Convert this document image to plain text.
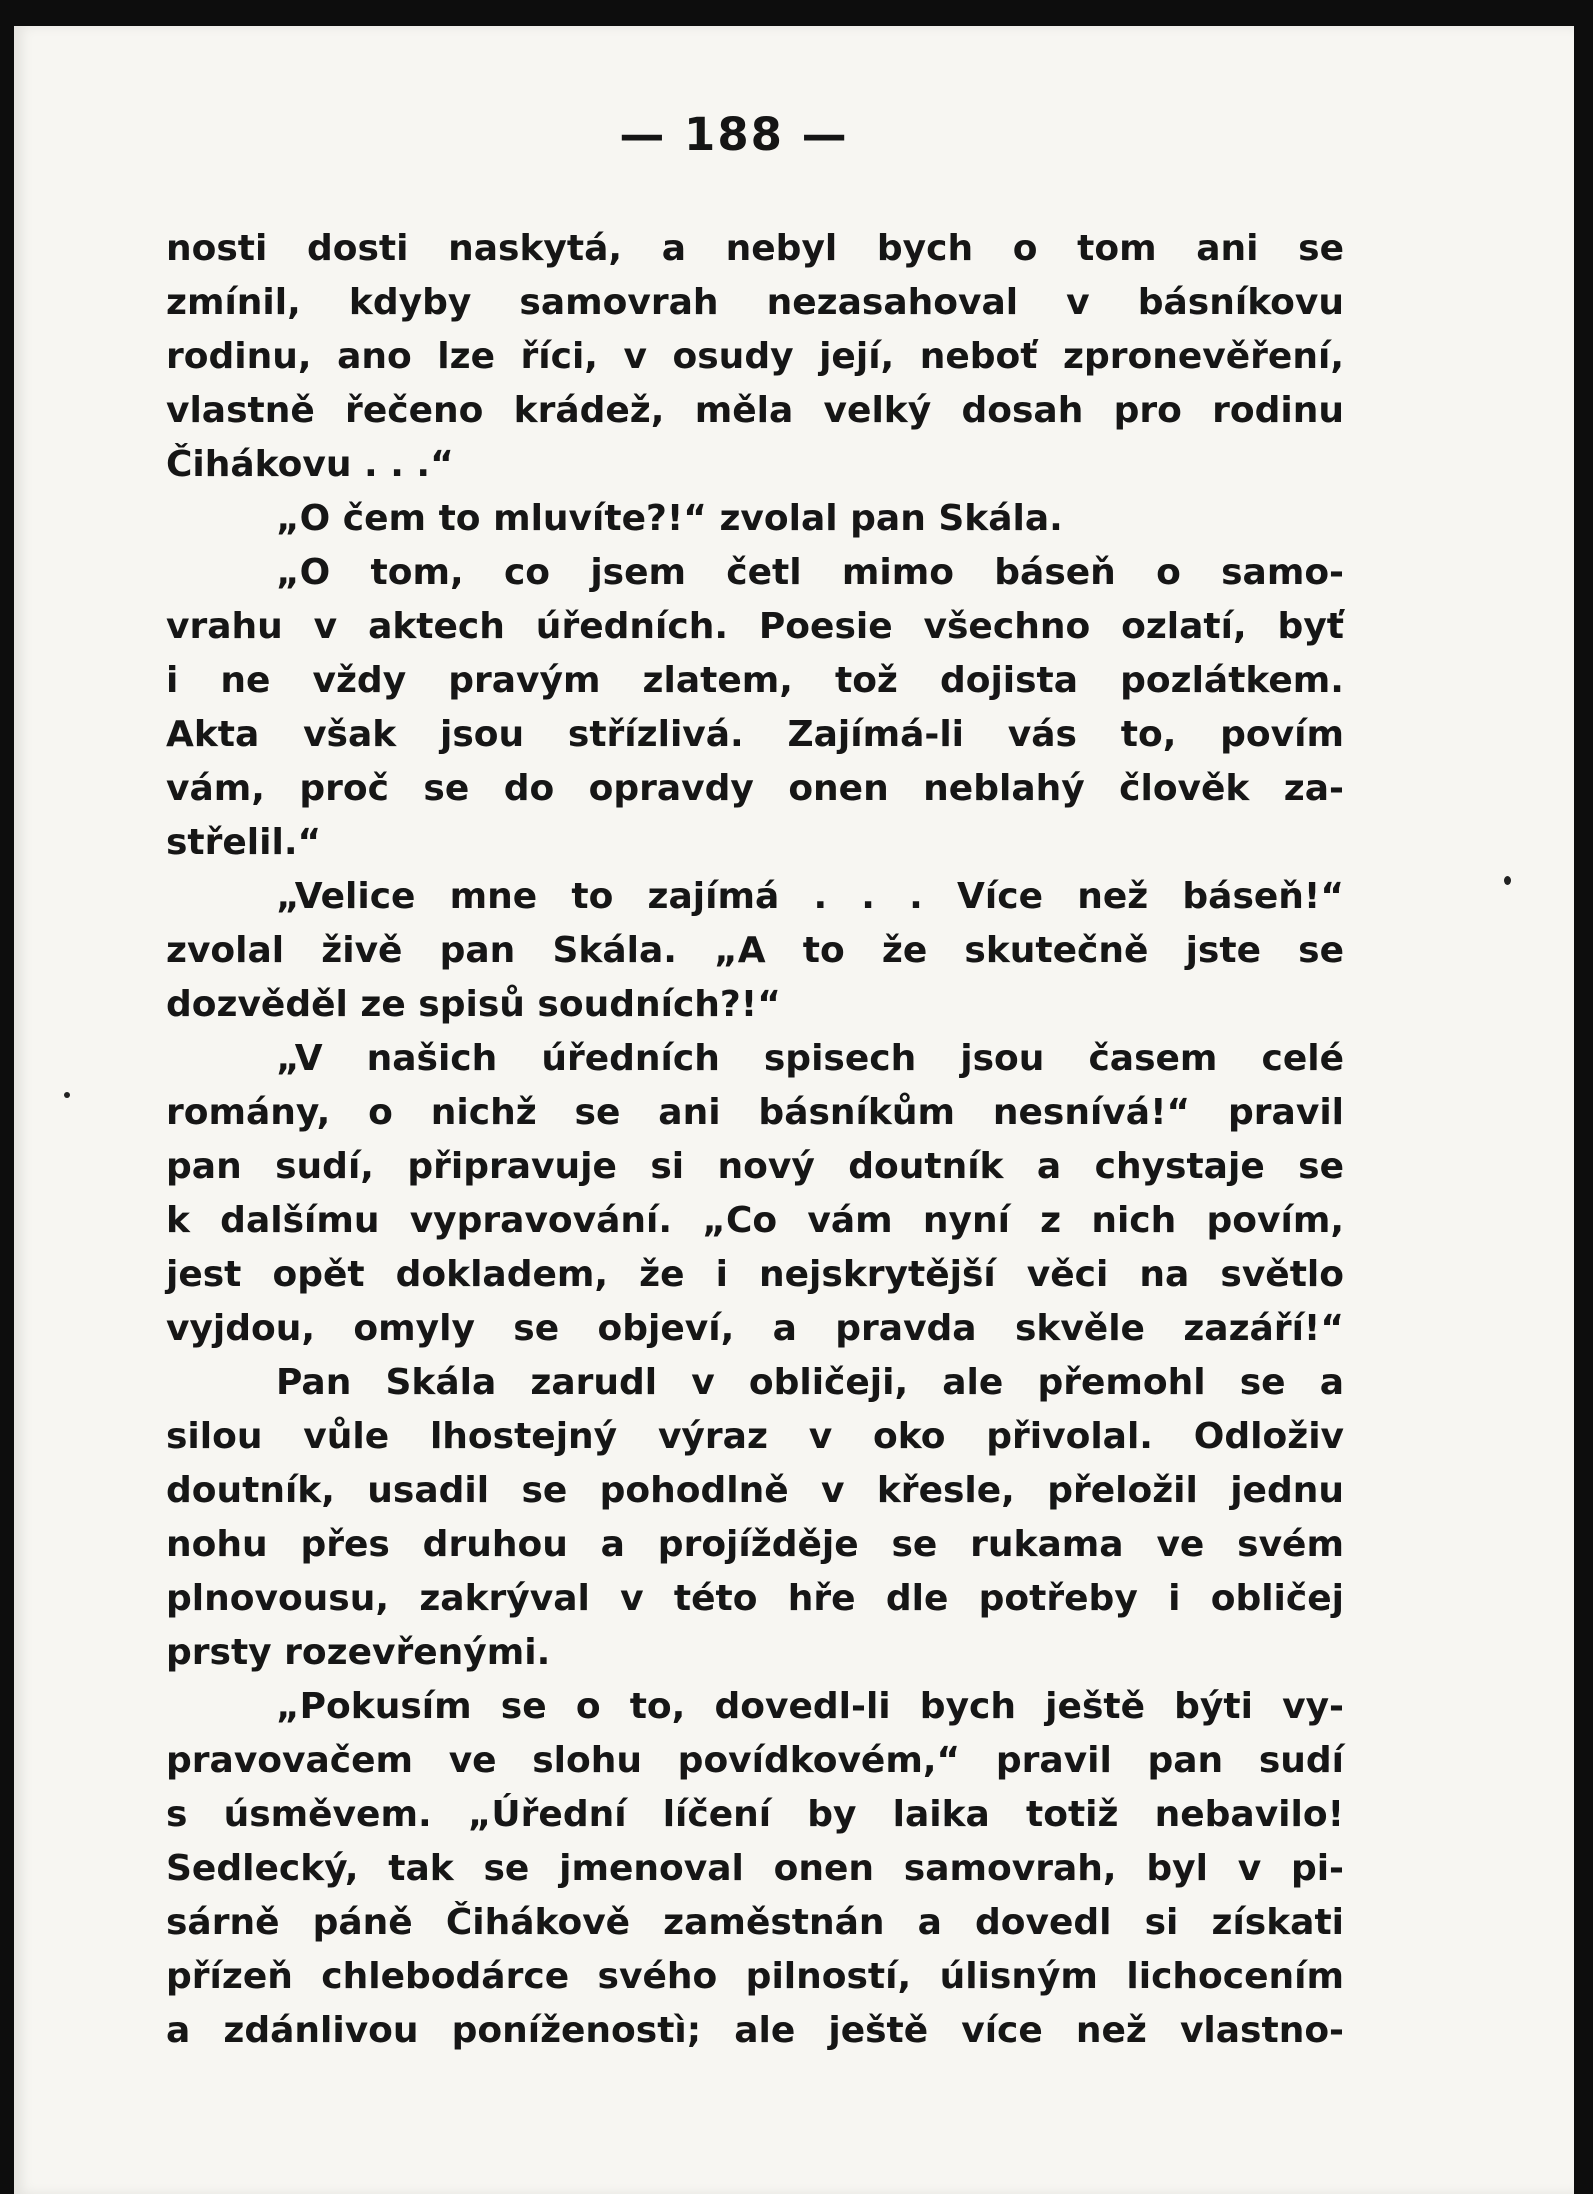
— 188 —
nosti dosti naskytá, a nebyl bych o tom ani se
zmínil, kdyby samovrah nezasahoval v básníkovu
rodinu, ano lze říci, v osudy její, neboť zpronevěření,
vlastně řečeno krádež, měla velký dosah pro rodinu
Čihákovu . . .“
„O čem to mluvíte?!“ zvolal pan Skála.
„O tom, co jsem četl mimo báseň o samo-
vrahu v aktech úředních. Poesie všechno ozlatí, byť
i ne vždy pravým zlatem, tož dojista pozlátkem.
Akta však jsou střízlivá. Zajímá-li vás to, povím
vám, proč se do opravdy onen neblahý člověk za-
střelil.“
„Velice mne to zajímá . . . Více než báseň!“
zvolal živě pan Skála. „A to že skutečně jste se
dozvěděl ze spisů soudních?!“
„V našich úředních spisech jsou časem celé
romány, o nichž se ani básníkům nesnívá!“ pravil
pan sudí, připravuje si nový doutník a chystaje se
k dalšímu vypravování. „Co vám nyní z nich povím,
jest opět dokladem, že i nejskrytější věci na světlo
vyjdou, omyly se objeví, a pravda skvěle zazáří!“
Pan Skála zarudl v obličeji, ale přemohl se a
silou vůle lhostejný výraz v oko přivolal. Odloživ
doutník, usadil se pohodlně v křesle, přeložil jednu
nohu přes druhou a projížděje se rukama ve svém
plnovousu, zakrýval v této hře dle potřeby i obličej
prsty rozevřenými.
„Pokusím se o to, dovedl-li bych ještě býti vy-
pravovačem ve slohu povídkovém,“ pravil pan sudí
s úsměvem. „Úřední líčení by laika totiž nebavilo!
Sedlecký, tak se jmenoval onen samovrah, byl v pi-
sárně páně Čihákově zaměstnán a dovedl si získati
přízeň chlebodárce svého pilností, úlisným lichocením
a zdánlivou poníženostì; ale ještě více než vlastno-
